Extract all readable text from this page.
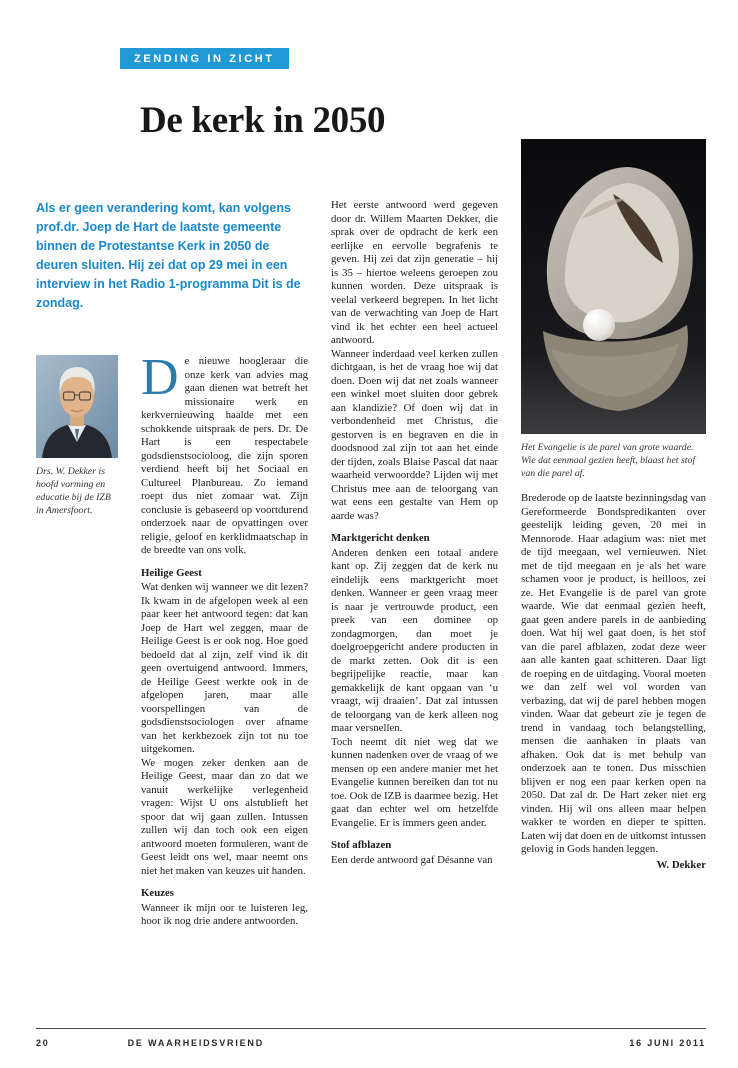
ZENDING IN ZICHT
De kerk in 2050

Als er geen verandering komt, kan volgens prof.dr. Joep de Hart de laatste gemeente binnen de Protestantse Kerk in 2050 de deuren sluiten. Hij zei dat op 29 mei in een interview in het Radio 1-programma Dit is de zondag.

Drs. W. Dekker is hoofd vorming en educatie bij de IZB in Amersfoort.

De nieuwe hoogleraar die onze kerk van advies mag gaan dienen wat betreft het missionaire werk en kerkvernieuwing haalde met een schokkende uitspraak de pers. Dr. De Hart is een respectabele godsdienstsocioloog, die zijn sporen verdiend heeft bij het Sociaal en Cultureel Planbureau. Zo iemand roept dus niet zomaar wat. Zijn conclusie is gebaseerd op voortdurend onderzoek naar de opvattingen over religie, geloof en kerklidmaatschap in de breedte van ons volk.

Heilige Geest

Wat denken wij wanneer we dit lezen? Ik kwam in de afgelopen week al een paar keer het antwoord tegen: dat kan Joep de Hart wel zeggen, maar de Heilige Geest is er ook nog. Hoe goed bedoeld dat al zijn, zelf vind ik dit geen overtuigend antwoord. Immers, de Heilige Geest werkte ook in de afgelopen jaren, maar alle voorspellingen van de godsdienstsociologen over afname van het kerkbezoek zijn tot nu toe uitgekomen.

We mogen zeker denken aan de Heilige Geest, maar dan zo dat we vanuit werkelijke verlegenheid vragen: Wijst U ons alstublieft het spoor dat wij gaan zullen. Intussen zullen wij dan toch ook een eigen antwoord moeten formuleren, want de Geest leidt ons wel, maar neemt ons niet het maken van keuzes uit handen.

Keuzes

Wanneer ik mijn oor te luisteren leg, hoor ik nog drie andere antwoorden.

Het eerste antwoord werd gegeven door dr. Willem Maarten Dekker, die sprak over de opdracht de kerk een eerlijke en eervolle begrafenis te geven. Hij zei dat zijn generatie – hij is 35 – hiertoe weleens geroepen zou kunnen worden. Deze uitspraak is veelal verkeerd begrepen. In het licht van de verwachting van Joep de Hart vind ik het echter een heel actueel antwoord.

Wanneer inderdaad veel kerken zullen dichtgaan, is het de vraag hoe wij dat doen. Doen wij dat net zoals wanneer een winkel moet sluiten door gebrek aan klandizie? Of doen wij dat in verbondenheid met Christus, die gestorven is en begraven en die in doodsnood zal zijn tot aan het einde der tijden, zoals Blaise Pascal dat naar waarheid verwoordde? Lijden wij met Christus mee aan de teloorgang van wat eens een gestalte van Hem op aarde was?

Marktgericht denken

Anderen denken een totaal andere kant op. Zij zeggen dat de kerk nu eindelijk eens marktgericht moet denken. Wanneer er geen vraag meer is naar je vertrouwde product, een preek van een dominee op zondagmorgen, dan moet je doelgroepgericht andere producten in de markt zetten. Ook dit is een begrijpelijke reactie, maar kan gemakkelijk de kant opgaan van ‘u vraagt, wij draaien’. Dat zal intussen de teloorgang van de kerk alleen nog maar versnellen.

Toch neemt dit niet weg dat we kunnen nadenken over de vraag of we mensen op een andere manier met het Evangelie kunnen bereiken dan tot nu toe. Ook de IZB is daarmee bezig. Het gaat dan echter wel om hetzelfde Evangelie. Er is immers geen ander.

Stof afblazen

Een derde antwoord gaf Désanne van

Het Evangelie is de parel van grote waarde. Wie dat eenmaal gezien heeft, blaast het stof van die parel af.

Brederode op de laatste bezinningsdag van Gereformeerde Bondspredikanten over geestelijk leiding geven, 20 mei in Mennorode. Haar adagium was: niet met de tijd meegaan, wel vernieuwen. Niet met de tijd meegaan en je als het ware schamen voor je product, is heilloos, zei ze. Het Evangelie is de parel van grote waarde. Wie dat eenmaal gezien heeft, gaat geen andere parels in de aanbieding doen. Wat hij wel gaat doen, is het stof van die parel afblazen, zodat deze weer aan alle kanten gaat schitteren. Daar ligt de roeping en de uitdaging. Vooral moeten we dan zelf wel vol worden van verbazing, dat wij de parel hebben mogen vinden. Waar dat gebeurt zie je tegen de trend in vandaag toch belangstelling, mensen die aanhaken in plaats van afhaken. Ook dat is met behulp van onderzoek aan te tonen. Dus misschien blijven er nog een paar kerken open na 2050. Dat zal dr. De Hart zeker niet erg vinden. Hij wil ons alleen maar helpen wakker te worden en dieper te spitten. Laten wij dat doen en de uitkomst intussen gelovig in Gods handen leggen.

W. Dekker

20	DE WAARHEIDSVRIEND	16 JUNI 2011
